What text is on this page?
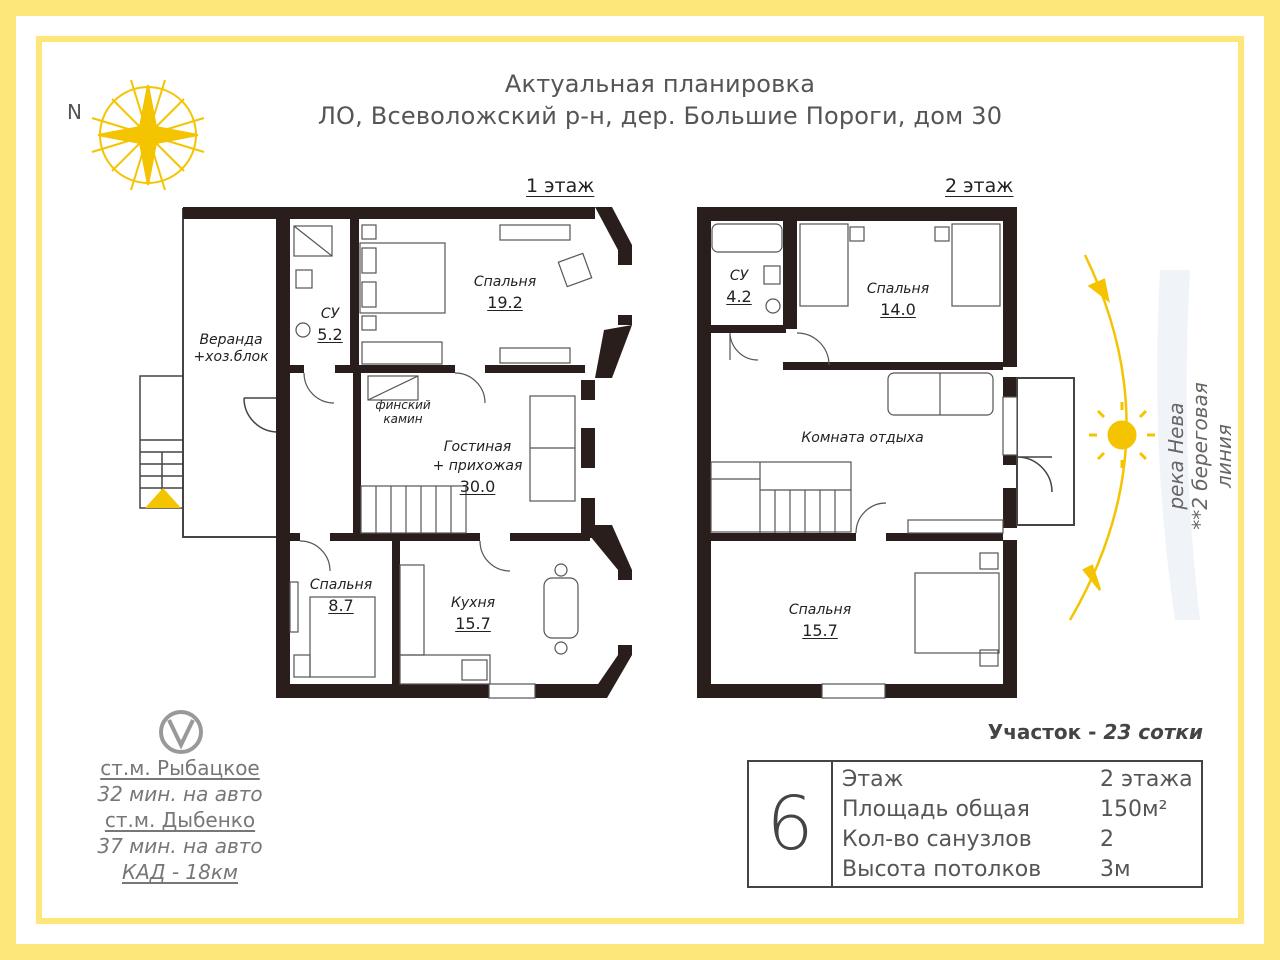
Актуальная планировка
ЛО, Всеволожский р-н, дер. Большие Пороги, дом 30
N
1 этаж	2 этаж
Веранда
+хоз.блок
СУ
5.2
Спальня
19.2
финский
камин

Гостиная
+ прихожая

30.0

Спальня
8.7	Кухня
15.7
СУ
4.2	Спальня
14.0
Комната отдыха
Спальня
15.7
река Нева **2 береговая линия
ст.м. Рыбацкое
32 мин. на авто
ст.м. Дыбенко
37 мин. на авто
КАД - 18км
Участок - 23 сотки
6
Этаж	2 этажа
Площадь общая	150м²
Кол-во санузлов	2
Высота потолков	3м
